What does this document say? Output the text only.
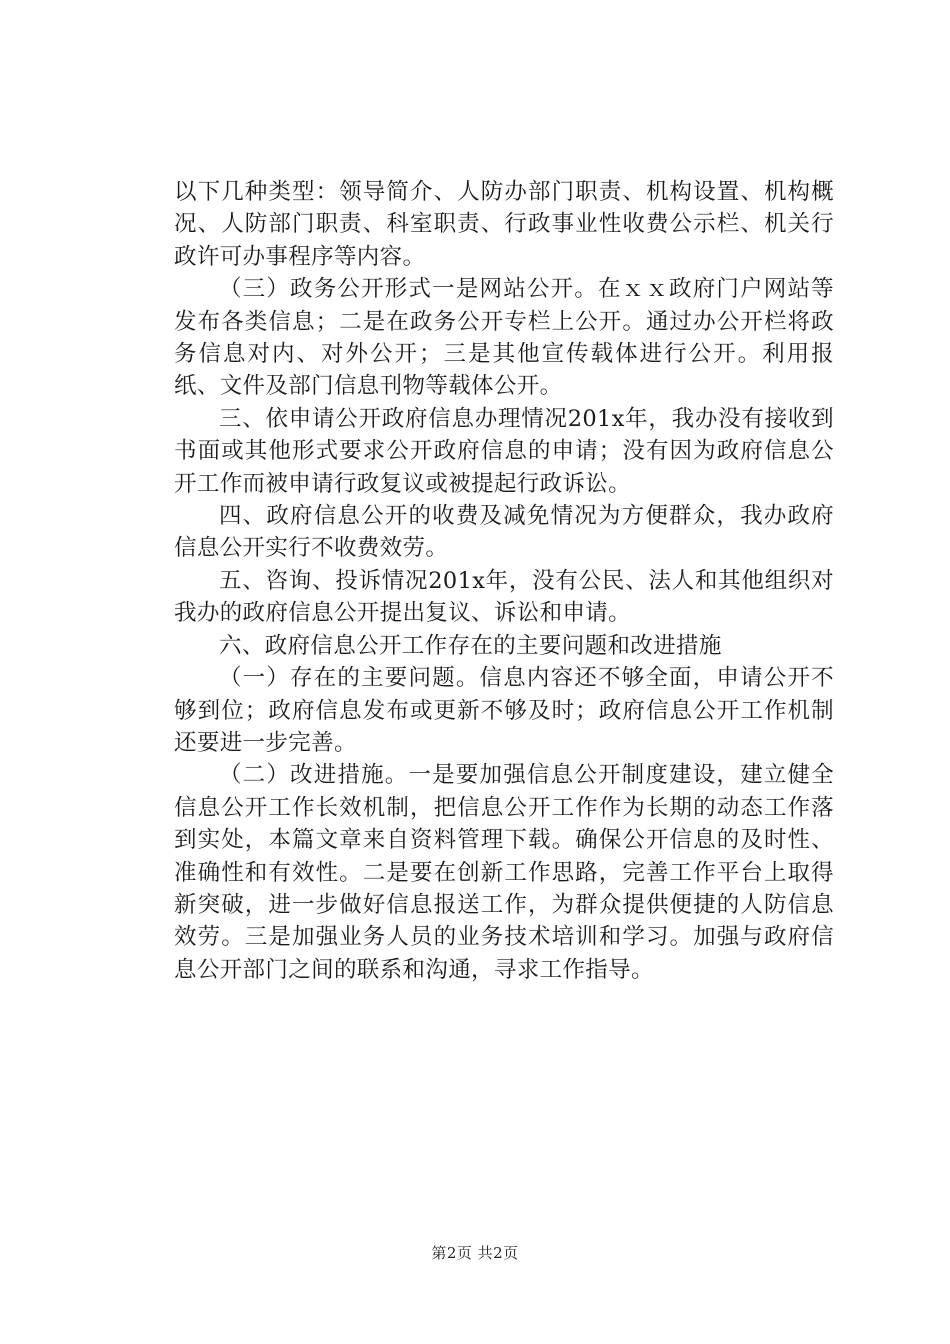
以下几种类型：领导简介、人防办部门职责、机构设置、机构概况、人防部门职责、科室职责、行政事业性收费公示栏、机关行政许可办事程序等内容。

（三）政务公开形式一是网站公开。在ｘｘ政府门户网站等发布各类信息；二是在政务公开专栏上公开。通过办公开栏将政务信息对内、对外公开；三是其他宣传载体进行公开。利用报纸、文件及部门信息刊物等载体公开。

三、依申请公开政府信息办理情况201x年，我办没有接收到书面或其他形式要求公开政府信息的申请；没有因为政府信息公开工作而被申请行政复议或被提起行政诉讼。

四、政府信息公开的收费及减免情况为方便群众，我办政府信息公开实行不收费效劳。

五、咨询、投诉情况201x年，没有公民、法人和其他组织对我办的政府信息公开提出复议、诉讼和申请。

六、政府信息公开工作存在的主要问题和改进措施

（一）存在的主要问题。信息内容还不够全面，申请公开不够到位；政府信息发布或更新不够及时；政府信息公开工作机制还要进一步完善。

（二）改进措施。一是要加强信息公开制度建设，建立健全信息公开工作长效机制，把信息公开工作作为长期的动态工作落到实处，本篇文章来自资料管理下载。确保公开信息的及时性、准确性和有效性。二是要在创新工作思路，完善工作平台上取得新突破，进一步做好信息报送工作，为群众提供便捷的人防信息效劳。三是加强业务人员的业务技术培训和学习。加强与政府信息公开部门之间的联系和沟通，寻求工作指导。

第2页 共2页
